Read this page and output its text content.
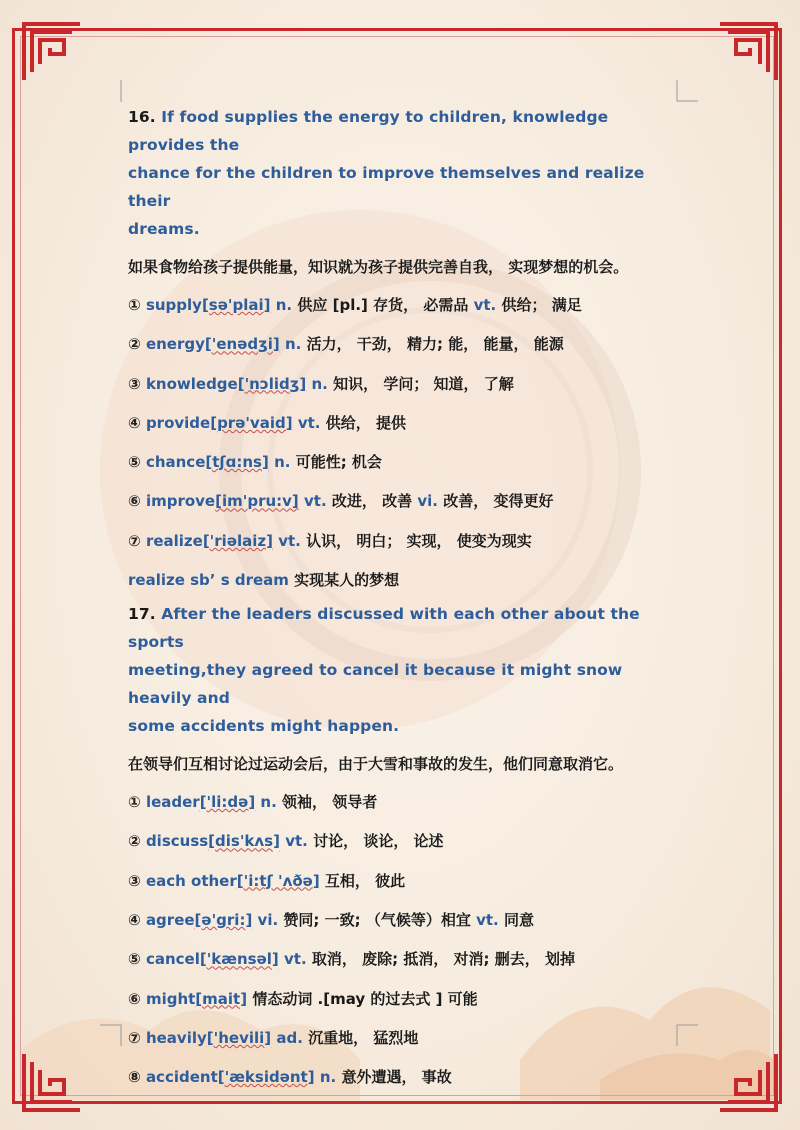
16. If food supplies the energy to children, knowledge provides the
chance for the children to improve themselves and realize their
dreams.
如果食物给孩子提供能量，知识就为孩子提供完善自我， 实现梦想的机会。
① supply[sə'plai] n. 供应 [pl.] 存货， 必需品 vt. 供给； 满足
② energy['enədʒi] n. 活力， 干劲， 精力; 能， 能量， 能源
③ knowledge['nɔlidʒ] n. 知识， 学问； 知道， 了解
④ provide[prə'vaid] vt. 供给， 提供
⑤ chance[tʃɑ:ns] n. 可能性; 机会
⑥ improve[im'pru:v] vt. 改进， 改善 vi. 改善， 变得更好
⑦ realize['riəlaiz] vt. 认识， 明白； 实现， 使变为现实
realize sb’ s dream 实现某人的梦想
17. After the leaders discussed with each other about the sports
meeting,they agreed to cancel it because it might snow heavily and
some accidents might happen.
在领导们互相讨论过运动会后，由于大雪和事故的发生，他们同意取消它。
① leader['li:də] n. 领袖， 领导者
② discuss[dis'kʌs] vt. 讨论， 谈论， 论述
③ each other['i:tʃ 'ʌðə] 互相， 彼此
④ agree[ə'gri:] vi. 赞同; 一致; （气候等）相宜 vt. 同意
⑤ cancel['kænsəl] vt. 取消， 废除; 抵消， 对消; 删去， 划掉
⑥ might[mait] 情态动词 .[may 的过去式 ] 可能
⑦ heavily['hevili] ad. 沉重地， 猛烈地
⑧ accident['æksidənt] n. 意外遭遇， 事故
